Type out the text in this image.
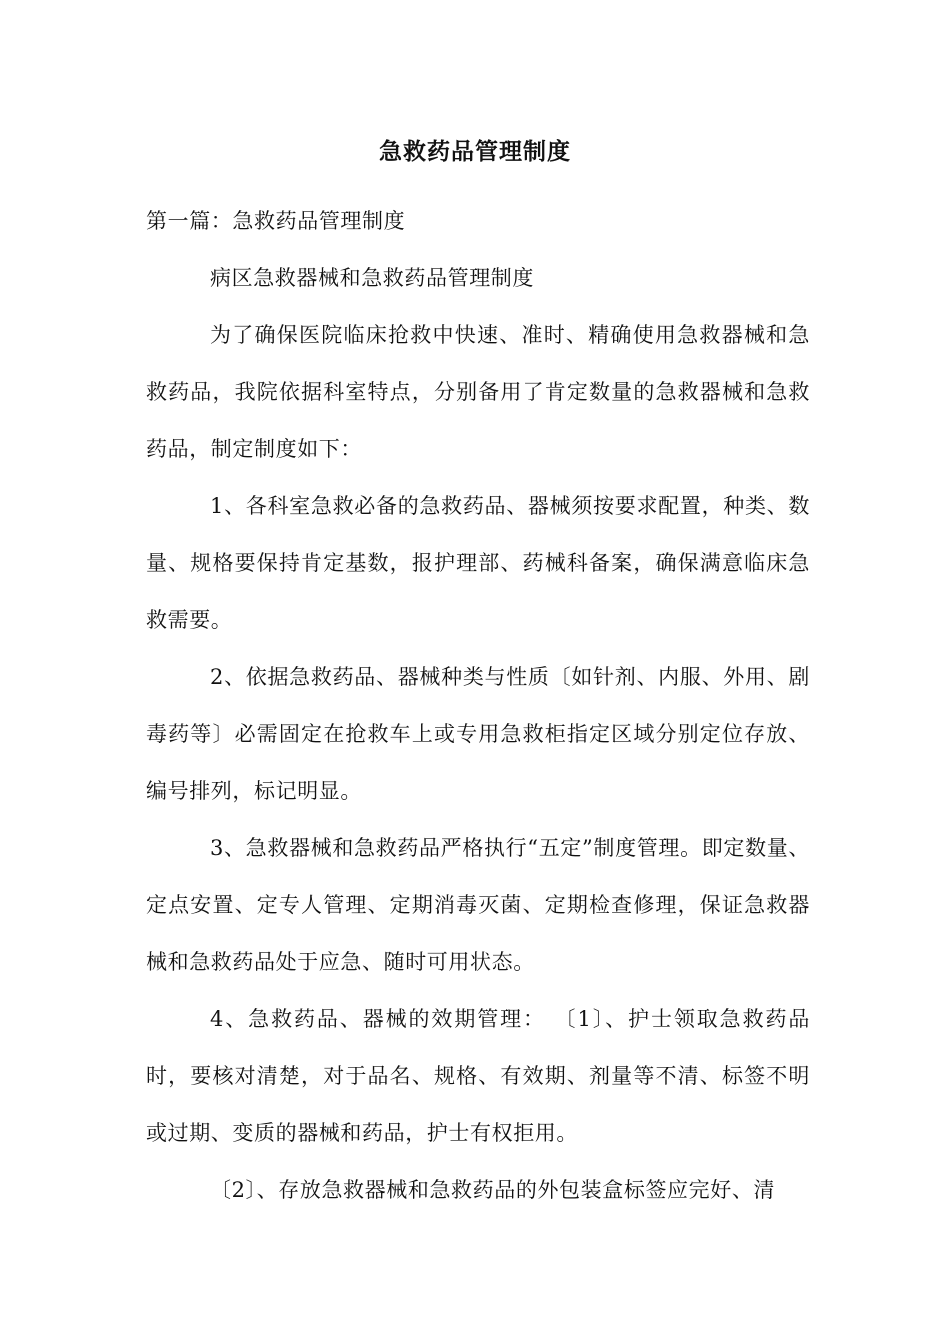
急救药品管理制度

第一篇：急救药品管理制度

病区急救器械和急救药品管理制度

为了确保医院临床抢救中快速、准时、精确使用急救器械和急救药品，我院依据科室特点，分别备用了肯定数量的急救器械和急救药品，制定制度如下：

1、各科室急救必备的急救药品、器械须按要求配置，种类、数量、规格要保持肯定基数，报护理部、药械科备案，确保满意临床急救需要。

2、依据急救药品、器械种类与性质〔如针剂、内服、外用、剧毒药等〕必需固定在抢救车上或专用急救柜指定区域分别定位存放、编号排列，标记明显。

3、急救器械和急救药品严格执行“五定”制度管理。即定数量、定点安置、定专人管理、定期消毒灭菌、定期检查修理，保证急救器械和急救药品处于应急、随时可用状态。

4、急救药品、器械的效期管理： 〔1〕、护士领取急救药品时，要核对清楚，对于品名、规格、有效期、剂量等不清、标签不明或过期、变质的器械和药品，护士有权拒用。

〔2〕、存放急救器械和急救药品的外包装盒标签应完好、清
